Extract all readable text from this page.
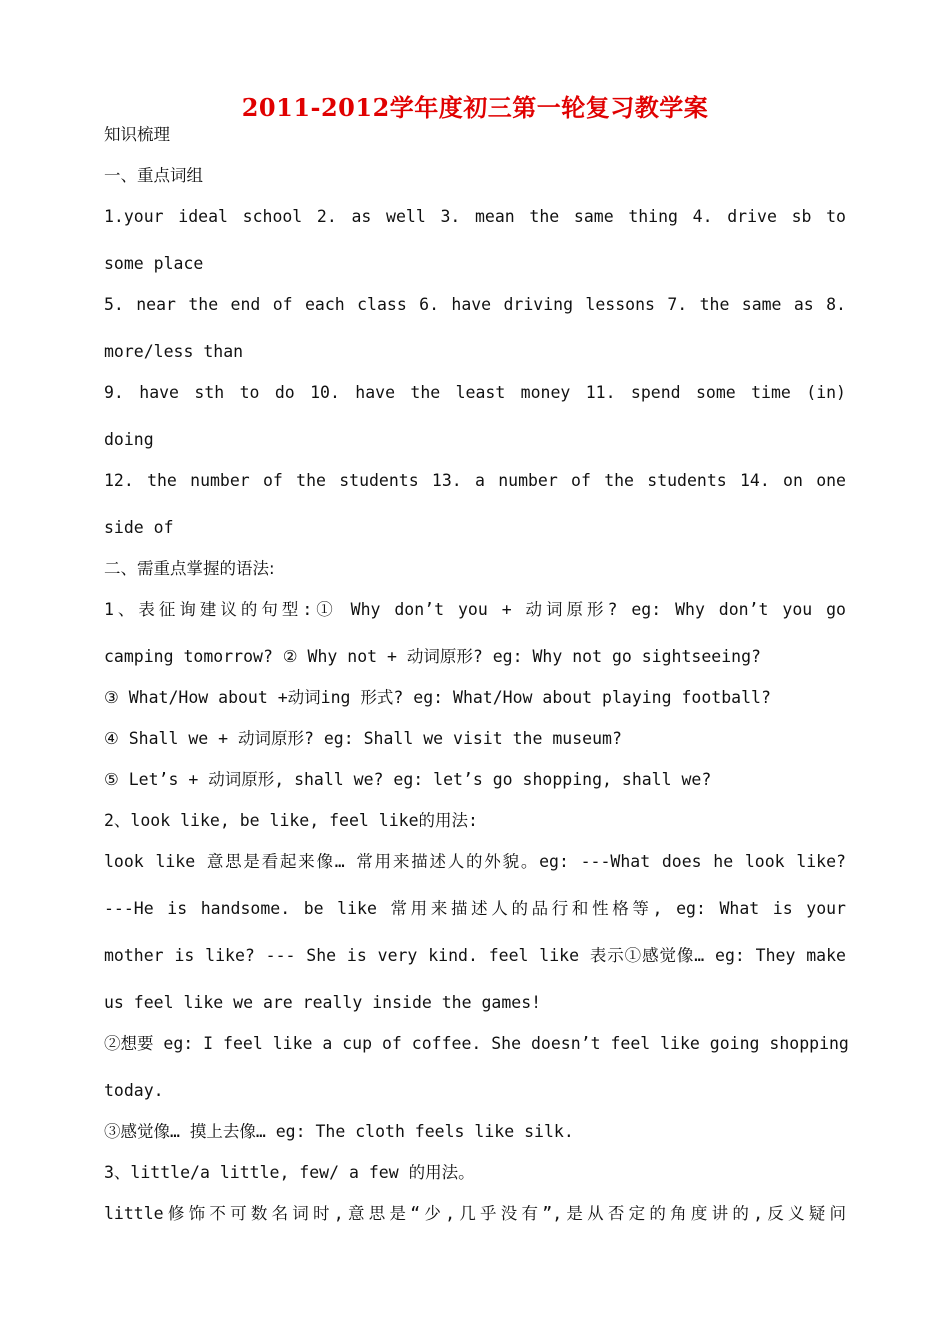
2011-2012学年度初三第一轮复习教学案
知识梳理
一、重点词组
1.your ideal school 2. as well 3. mean the same thing 4. drive sb to
some place
5. near the end of each class 6. have driving lessons 7. the same as 8.
more/less than
9. have sth to do 10. have the least money 11. spend some time (in)
doing
12. the number of the students 13. a number of the students 14. on one
side of
二、需重点掌握的语法:
1、表征询建议的句型:① Why don’t you + 动词原形? eg: Why don’t you go
camping tomorrow? ② Why not + 动词原形? eg: Why not go sightseeing?
③ What/How about +动词ing 形式? eg: What/How about playing football?
④ Shall we + 动词原形? eg: Shall we visit the museum?
⑤ Let’s + 动词原形, shall we? eg: let’s go shopping, shall we?
2、look like, be like, feel like的用法:
look like 意思是看起来像… 常用来描述人的外貌。eg: ---What does he look like?
---He is handsome. be like 常用来描述人的品行和性格等, eg: What is your
mother is like? --- She is very kind. feel like 表示①感觉像… eg: They make
us feel like we are really inside the games!
②想要 eg: I feel like a cup of coffee. She doesn’t feel like going shopping
today.
③感觉像… 摸上去像… eg: The cloth feels like silk.
3、little/a little, few/ a few 的用法。
little修饰不可数名词时,意思是“少,几乎没有”,是从否定的角度讲的,反义疑问
